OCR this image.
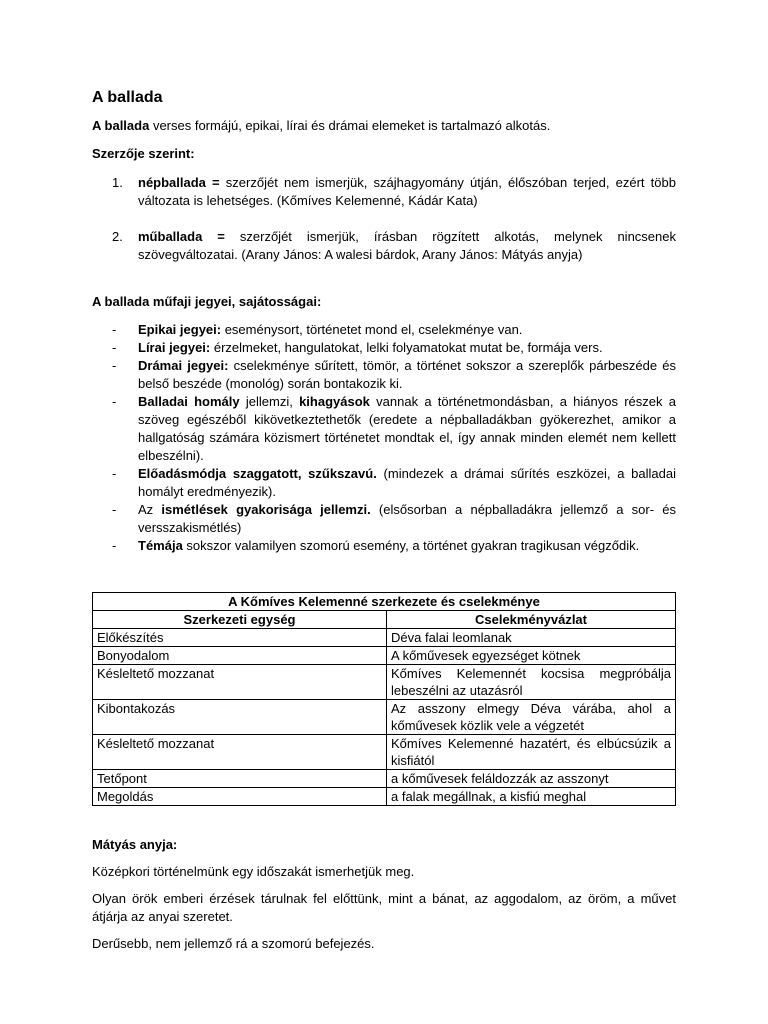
A ballada

A ballada verses formájú, epikai, lírai és drámai elemeket is tartalmazó alkotás.

Szerzője szerint:

1. népballada = szerzőjét nem ismerjük, szájhagyomány útján, élőszóban terjed, ezért több változata is lehetséges. (Kőmíves Kelemenné, Kádár Kata)
2. műballada = szerzőjét ismerjük, írásban rögzített alkotás, melynek nincsenek szövegváltozatai. (Arany János: A walesi bárdok, Arany János: Mátyás anyja)

A ballada műfaji jegyei, sajátosságai:

- Epikai jegyei: eseménysort, történetet mond el, cselekménye van.
- Lírai jegyei: érzelmeket, hangulatokat, lelki folyamatokat mutat be, formája vers.
- Drámai jegyei: cselekménye sűrített, tömör, a történet sokszor a szereplők párbeszéde és belső beszéde (monológ) során bontakozik ki.
- Balladai homály jellemzi, kihagyások vannak a történetmondásban, a hiányos részek a szöveg egészéből kikövetkeztethetők (eredete a népballadákban gyökerezhet, amikor a hallgatóság számára közismert történetet mondtak el, így annak minden elemét nem kellett elbeszélni).
- Előadásmódja szaggatott, szűkszavú. (mindezek a drámai sűrítés eszközei, a balladai homályt eredményezik).
- Az ismétlések gyakorisága jellemzi. (elsősorban a népballadákra jellemző a sor- és versszakismétlés)
- Témája sokszor valamilyen szomorú esemény, a történet gyakran tragikusan végződik.
A Kőmíves Kelemenné szerkezete és cselekménye	
Szerkezeti egység	Cselekményvázlat
Előkészítés	Déva falai leomlanak
Bonyodalom	A kőművesek egyezséget kötnek
Késleltető mozzanat	Kőmíves Kelemennét kocsisa megpróbálja lebeszélni az utazásról
Kibontakozás	Az asszony elmegy Déva várába, ahol a kőművesek közlik vele a végzetét
Késleltető mozzanat	Kőmíves Kelemenné hazatért, és elbúcsúzik a kisfiától
Tetőpont	a kőművesek feláldozzák az asszonyt
Megoldás	a falak megállnak, a kisfiú meghal

Mátyás anyja:

Középkori történelmünk egy időszakát ismerhetjük meg.

Olyan örök emberi érzések tárulnak fel előttünk, mint a bánat, az aggodalom, az öröm, a művet átjárja az anyai szeretet.

Derűsebb, nem jellemző rá a szomorú befejezés.
